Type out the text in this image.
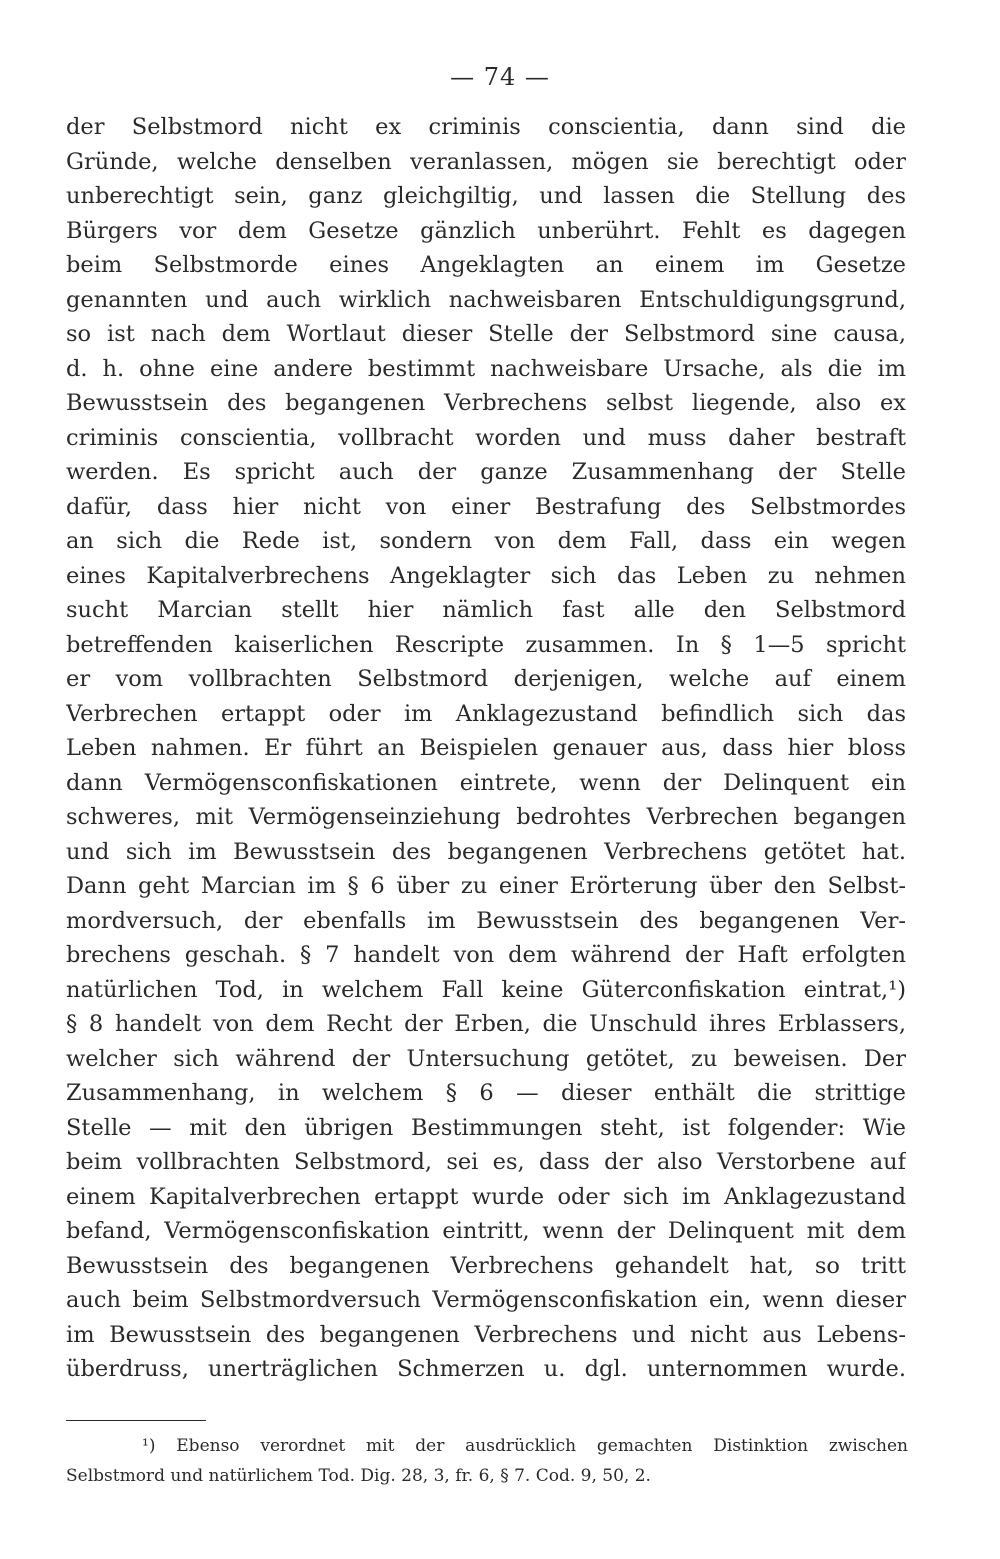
— 74 —
der Selbstmord nicht ex criminis conscientia, dann sind die
Gründe, welche denselben veranlassen, mögen sie berechtigt oder
unberechtigt sein, ganz gleichgiltig, und lassen die Stellung des
Bürgers vor dem Gesetze gänzlich unberührt. Fehlt es dagegen
beim Selbstmorde eines Angeklagten an einem im Gesetze
genannten und auch wirklich nachweisbaren Entschuldigungsgrund,
so ist nach dem Wortlaut dieser Stelle der Selbstmord sine causa,
d. h. ohne eine andere bestimmt nachweisbare Ursache, als die im
Bewusstsein des begangenen Verbrechens selbst liegende, also ex
criminis conscientia, vollbracht worden und muss daher bestraft
werden. Es spricht auch der ganze Zusammenhang der Stelle
dafür, dass hier nicht von einer Bestrafung des Selbstmordes
an sich die Rede ist, sondern von dem Fall, dass ein wegen
eines Kapitalverbrechens Angeklagter sich das Leben zu nehmen
sucht Marcian stellt hier nämlich fast alle den Selbstmord
betreffenden kaiserlichen Rescripte zusammen. In § 1—5 spricht
er vom vollbrachten Selbstmord derjenigen, welche auf einem
Verbrechen ertappt oder im Anklagezustand befindlich sich das
Leben nahmen. Er führt an Beispielen genauer aus, dass hier bloss
dann Vermögensconfiskationen eintrete, wenn der Delinquent ein
schweres, mit Vermögenseinziehung bedrohtes Verbrechen begangen
und sich im Bewusstsein des begangenen Verbrechens getötet hat.
Dann geht Marcian im § 6 über zu einer Erörterung über den Selbst-
mordversuch, der ebenfalls im Bewusstsein des begangenen Ver-
brechens geschah. § 7 handelt von dem während der Haft erfolgten
natürlichen Tod, in welchem Fall keine Güterconfiskation eintrat,¹)
§ 8 handelt von dem Recht der Erben, die Unschuld ihres Erblassers,
welcher sich während der Untersuchung getötet, zu beweisen. Der
Zusammenhang, in welchem § 6 — dieser enthält die strittige
Stelle — mit den übrigen Bestimmungen steht, ist folgender: Wie
beim vollbrachten Selbstmord, sei es, dass der also Verstorbene auf
einem Kapitalverbrechen ertappt wurde oder sich im Anklagezustand
befand, Vermögensconfiskation eintritt, wenn der Delinquent mit dem
Bewusstsein des begangenen Verbrechens gehandelt hat, so tritt
auch beim Selbstmordversuch Vermögensconfiskation ein, wenn dieser
im Bewusstsein des begangenen Verbrechens und nicht aus Lebens-
überdruss, unerträglichen Schmerzen u. dgl. unternommen wurde.
¹) Ebenso verordnet mit der ausdrücklich gemachten Distinktion zwischen
Selbstmord und natürlichem Tod. Dig. 28, 3, fr. 6, § 7. Cod. 9, 50, 2.
